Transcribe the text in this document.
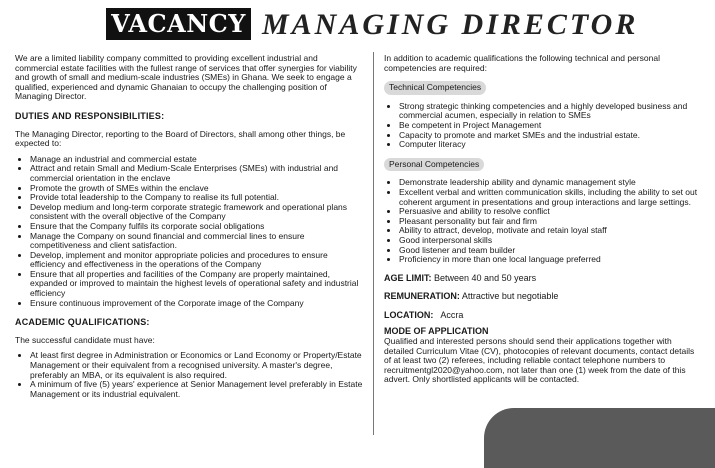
VACANCY MANAGING DIRECTOR

We are a limited liability company committed to providing excellent industrial and commercial estate facilities with the fullest range of services that offer synergies for viability and growth of small and medium-scale industries (SMEs) in Ghana. We seek to engage a qualified, experienced and dynamic Ghanaian to occupy the challenging position of Managing Director.

DUTIES AND RESPONSIBILITIES:

The Managing Director, reporting to the Board of Directors, shall among other things, be expected to:

• Manage an industrial and commercial estate
• Attract and retain Small and Medium-Scale Enterprises (SMEs) with industrial and commercial orientation in the enclave
• Promote the growth of SMEs within the enclave
• Provide total leadership to the Company to realise its full potential.
• Develop medium and long-term corporate strategic framework and operational plans consistent with the overall objective of the Company
• Ensure that the Company fulfils its corporate social obligations
• Manage the Company on sound financial and commercial lines to ensure competitiveness and client satisfaction.
• Develop, implement and monitor appropriate policies and procedures to ensure efficiency and effectiveness in the operations of the Company
• Ensure that all properties and facilities of the Company are properly maintained, expanded or improved to maintain the highest levels of operational safety and industrial efficiency
• Ensure continuous improvement of the Corporate image of the Company

ACADEMIC QUALIFICATIONS:

The successful candidate must have:

• At least first degree in Administration or Economics or Land Economy or Property/Estate Management or their equivalent from a recognised university. A master's degree, preferably an MBA, or its equivalent is also required.
• A minimum of five (5) years' experience at Senior Management level preferably in Estate Management or its industrial equivalent.

In addition to academic qualifications the following technical and personal competencies are required:

Technical Competencies
• Strong strategic thinking competencies and a highly developed business and commercial acumen, especially in relation to SMEs
• Be competent in Project Management
• Capacity to promote and market SMEs and the industrial estate.
• Computer literacy
Personal Competencies
• Demonstrate leadership ability and dynamic management style
• Excellent verbal and written communication skills, including the ability to set out coherent argument in presentations and group interactions and large settings.
• Persuasive and ability to resolve conflict
• Pleasant personality but fair and firm
• Ability to attract, develop, motivate and retain loyal staff
• Good interpersonal skills
• Good listener and team builder
• Proficiency in more than one local language preferred

AGE LIMIT: Between 40 and 50 years

REMUNERATION: Attractive but negotiable

LOCATION: Accra

MODE OF APPLICATION

Qualified and interested persons should send their applications together with detailed Curriculum Vitae (CV), photocopies of relevant documents, contact details of at least two (2) referees, including reliable contact telephone numbers to recruitmentgl2020@yahoo.com, not later than one (1) week from the date of this advert. Only shortlisted applicants will be contacted.
